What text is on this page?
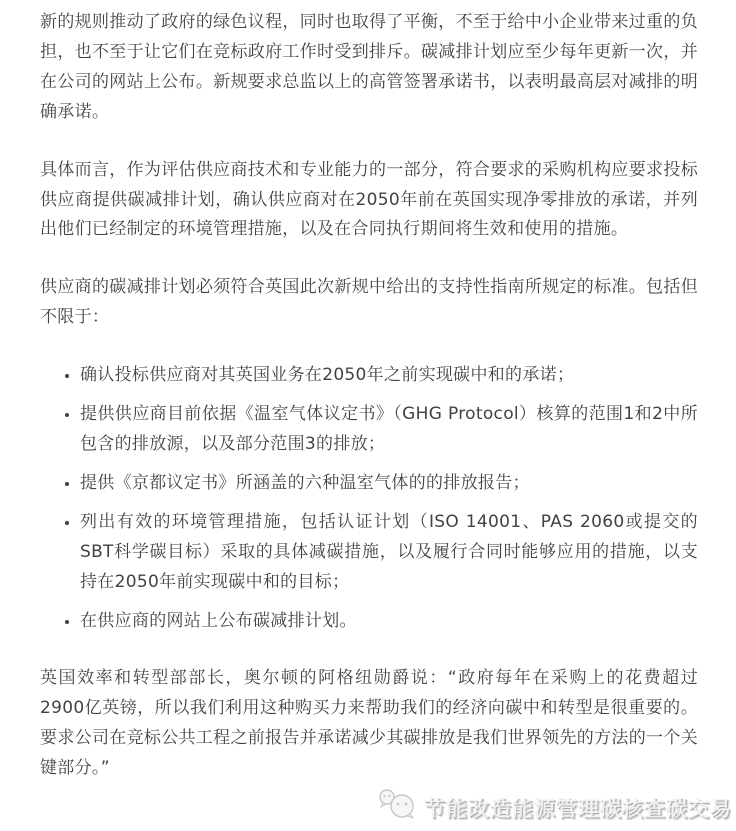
新的规则推动了政府的绿色议程，同时也取得了平衡，不至于给中小企业带来过重的负担，也不至于让它们在竞标政府工作时受到排斥。碳减排计划应至少每年更新一次，并在公司的网站上公布。新规要求总监以上的高管签署承诺书，以表明最高层对减排的明确承诺。

具体而言，作为评估供应商技术和专业能力的一部分，符合要求的采购机构应要求投标供应商提供碳减排计划，确认供应商对在2050年前在英国实现净零排放的承诺，并列出他们已经制定的环境管理措施，以及在合同执行期间将生效和使用的措施。

供应商的碳减排计划必须符合英国此次新规中给出的支持性指南所规定的标准。包括但不限于：

• 确认投标供应商对其英国业务在2050年之前实现碳中和的承诺；
• 提供供应商目前依据《温室气体议定书》（GHG Protocol）核算的范围1和2中所包含的排放源，以及部分范围3的排放；
• 提供《京都议定书》所涵盖的六种温室气体的的排放报告；
• 列出有效的环境管理措施，包括认证计划（ISO 14001、PAS 2060或提交的SBT科学碳目标）采取的具体减碳措施，以及履行合同时能够应用的措施，以支持在2050年前实现碳中和的目标；
• 在供应商的网站上公布碳减排计划。

英国效率和转型部部长，奥尔顿的阿格纽勋爵说：“政府每年在采购上的花费超过2900亿英镑，所以我们利用这种购买力来帮助我们的经济向碳中和转型是很重要的。要求公司在竞标公共工程之前报告并承诺减少其碳排放是我们世界领先的方法的一个关键部分。”

节能改造能源管理碳核查碳交易
